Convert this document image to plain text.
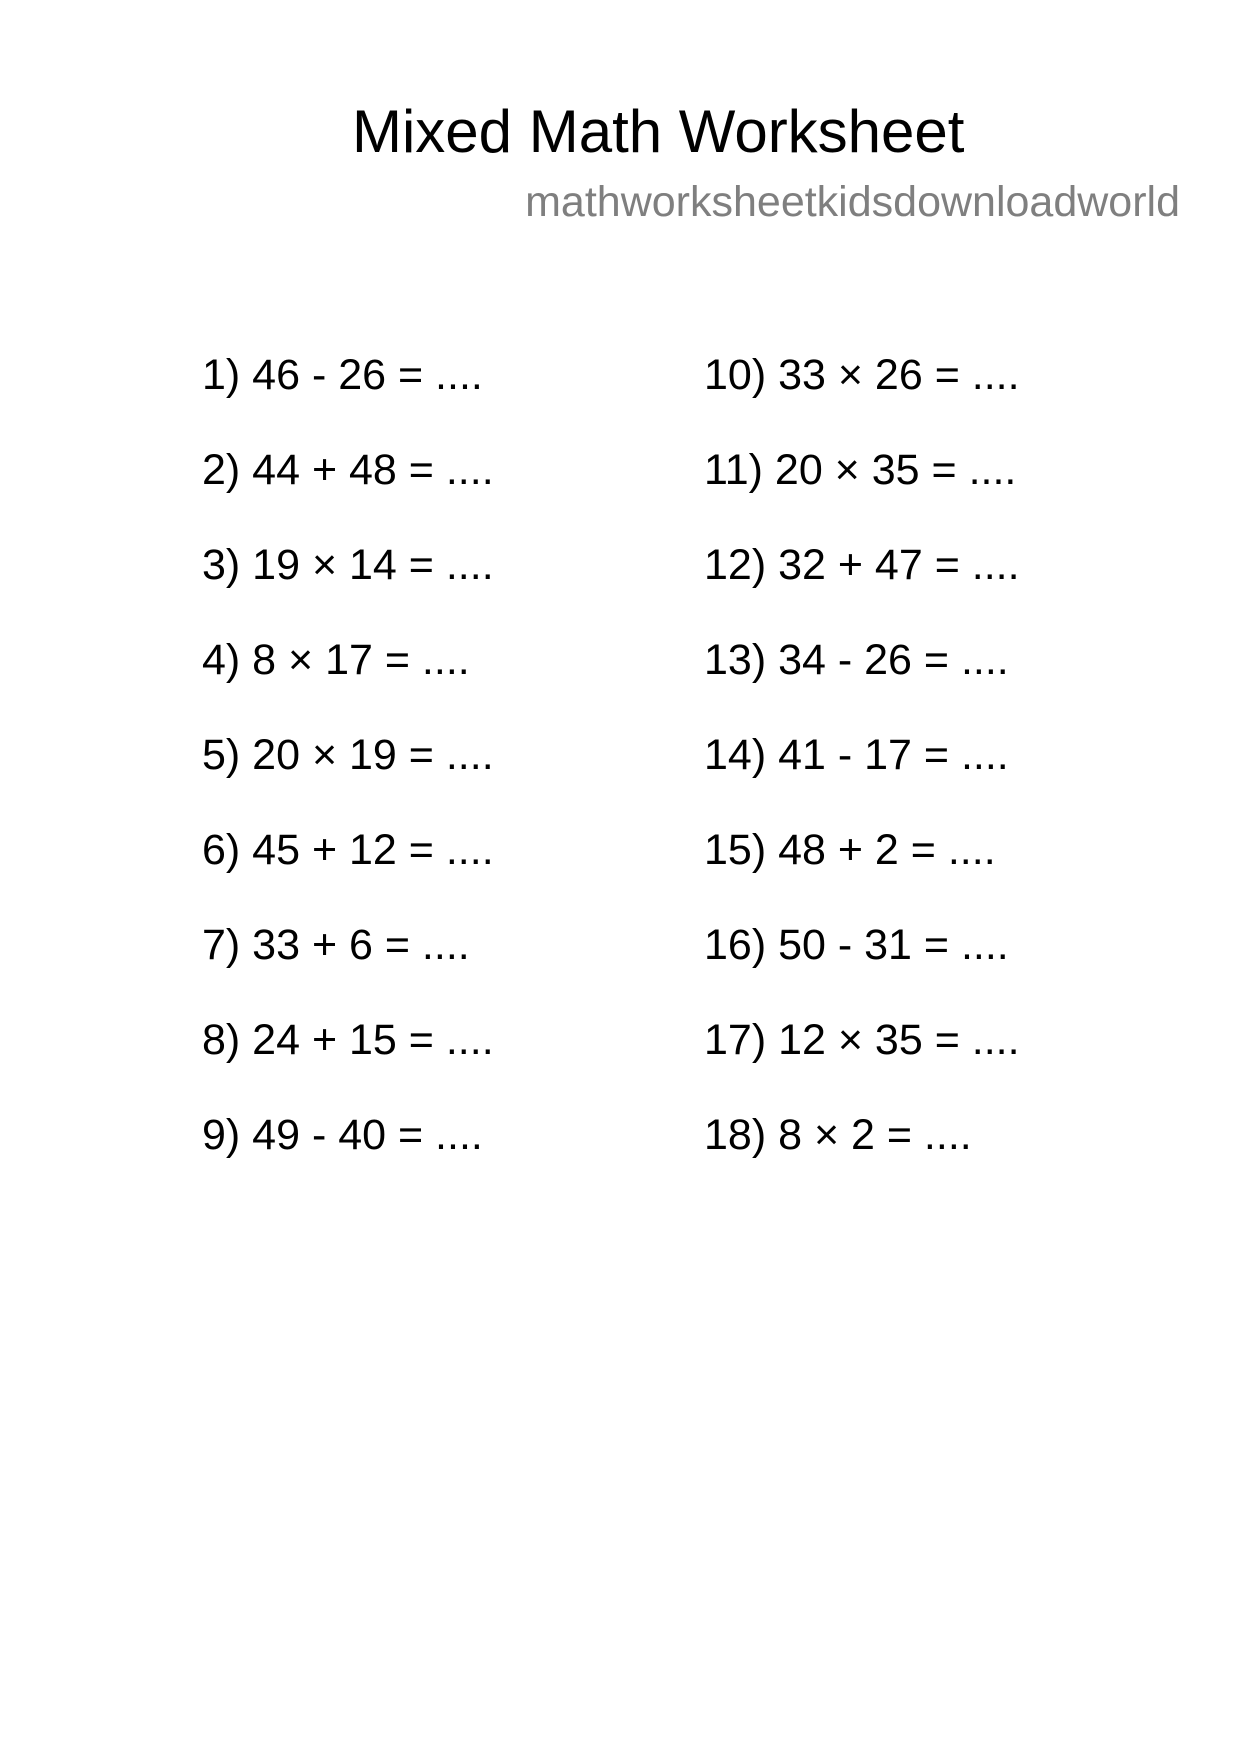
Mixed Math Worksheet
mathworksheetkidsdownloadworld
1) 46 - 26 = ....
2) 44 + 48 = ....
3) 19 × 14 = ....
4) 8 × 17 = ....
5) 20 × 19 = ....
6) 45 + 12 = ....
7) 33 + 6 = ....
8) 24 + 15 = ....
9) 49 - 40 = ....
10) 33 × 26 = ....
11) 20 × 35 = ....
12) 32 + 47 = ....
13) 34 - 26 = ....
14) 41 - 17 = ....
15) 48 + 2 = ....
16) 50 - 31 = ....
17) 12 × 35 = ....
18) 8 × 2 = ....
